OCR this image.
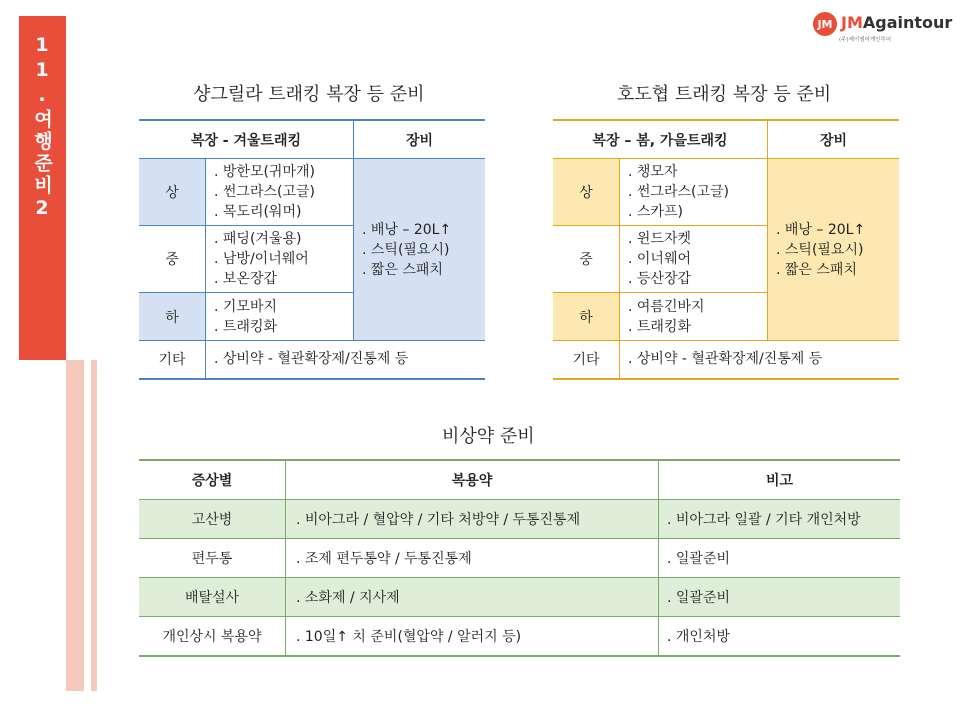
11.여행준비2
JM JMAgaintour
(주)제이엠어게인투어
샹그릴라 트래킹 복장 등 준비	호도협 트래킹 복장 등 준비
비상약 준비
복장 - 겨울트래킹		장비
상	. 방한모(귀마개)
. 썬그라스(고글)
. 목도리(워머)	. 배낭 – 20L↑
. 스틱(필요시)
. 짧은 스패치

중	. 패딩(겨울용)
. 남방/이너웨어
. 보온장갑	

하	. 기모바지
. 트래킹화	

기타	. 상비약 - 혈관확장제/진통제 등	
복장 – 봄, 가을트래킹		장비
상	. 챙모자
. 썬그라스(고글)
. 스카프)	. 배낭 – 20L↑
. 스틱(필요시)
. 짧은 스패치

중	. 윈드자켓
. 이너웨어
. 등산장갑	

하	. 여름긴바지
. 트래킹화	

기타	. 상비약 - 혈관확장제/진통제 등	
증상별	복용약	비고
고산병	. 비아그라 / 혈압약 / 기타 처방약 / 두통진통제	. 비아그라 일괄 / 기타 개인처방
편두통	. 조제 편두통약 / 두통진통제	. 일괄준비
배탈설사	. 소화제 / 지사제	. 일괄준비
개인상시 복용약	. 10일↑ 치 준비(혈압약 / 알러지 등)	. 개인처방
